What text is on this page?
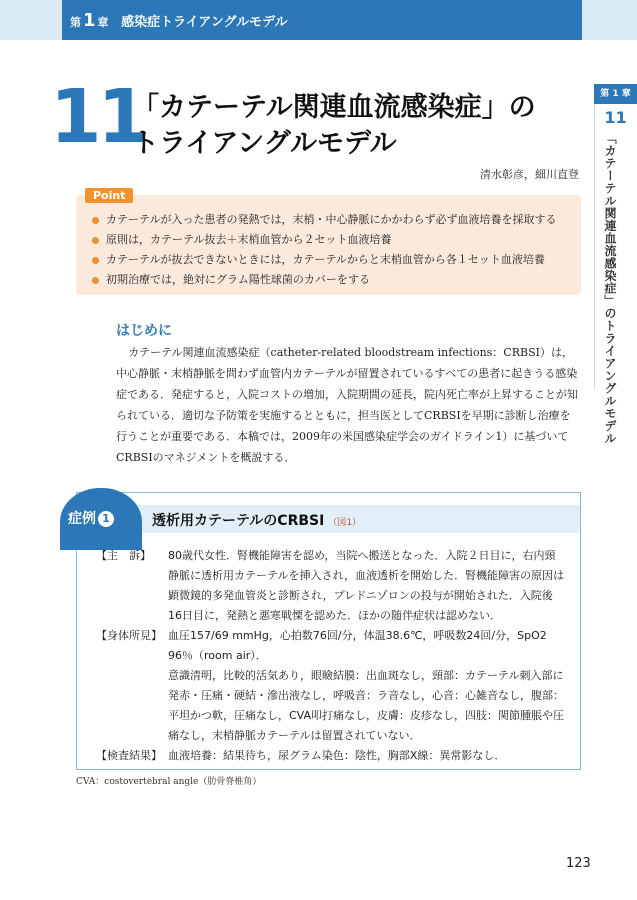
第 1 章 感染症トライアングルモデル
第 1 章
11
「カテーテル関連血流感染症」のトライアングルモデル
11
「カテーテル関連血流感染症」の
トライアングルモデル
清水彰彦，細川直登
Point
カテーテルが入った患者の発熱では，末梢・中心静脈にかかわらず必ず血液培養を採取する
原則は，カテーテル抜去＋末梢血管から２セット血液培養
カテーテルが抜去できないときには，カテーテルからと末梢血管から各１セット血液培養
初期治療では，絶対にグラム陽性球菌のカバーをする
はじめに
カテーテル関連血流感染症（catheter-related bloodstream infections：CRBSI）は，中心静脈・末梢静脈を問わず血管内カテーテルが留置されているすべての患者に起きうる感染症である．発症すると，入院コストの増加，入院期間の延長，院内死亡率が上昇することが知られている．適切な予防策を実施するとともに，担当医としてCRBSIを早期に診断し治療を行うことが重要である．本稿では，2009年の米国感染症学会のガイドライン1）に基づいてCRBSIのマネジメントを概説する．
症例 1	透析用カテーテルのCRBSI （図1）
【主　訴】	80歳代女性．腎機能障害を認め，当院へ搬送となった．入院２日目に，右内頸静脈に透析用カテーテルを挿入され，血液透析を開始した．腎機能障害の原因は顕微鏡的多発血管炎と診断され，プレドニゾロンの投与が開始された．入院後16日目に，発熱と悪寒戦慄を認めた．ほかの随伴症状は認めない．

【身体所見】 血圧157/69 mmHg，心拍数76回/分，体温38.6℃，呼吸数24回/分，SpO2 96％（room air）．

意識清明，比較的活気あり，眼瞼結膜：出血斑なし，頸部：カテーテル刺入部に発赤・圧痛・硬結・滲出液なし，呼吸音：ラ音なし，心音：心雑音なし，腹部：平坦かつ軟，圧痛なし，CVA叩打痛なし，皮膚：皮疹なし，四肢：関節腫脹や圧痛なし，末梢静脈カテーテルは留置されていない．

【検査結果】 血液培養：結果待ち，尿グラム染色：陰性，胸部X線：異常影なし．

CVA：costovertebral angle（肋骨脊椎角）
123
